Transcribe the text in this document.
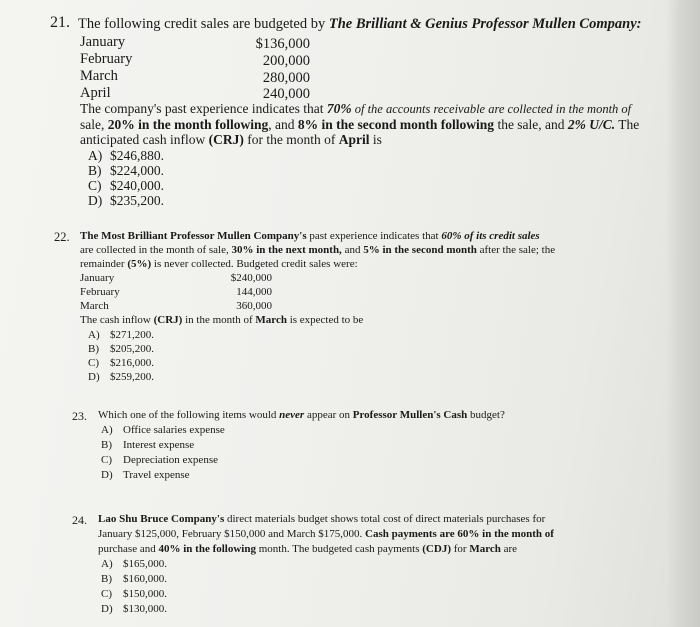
21. The following credit sales are budgeted by The Brilliant & Genius Professor Mullen Company:
January	$136,000
February	200,000
March	280,000
April	240,000
The company's past experience indicates that 70% of the accounts receivable are collected in the month of
sale, 20% in the month following, and 8% in the second month following the sale, and 2% U/C. The
anticipated cash inflow (CRJ) for the month of April is
A) $246,880.
B) $224,000.
C) $240,000.
D) $235,200.
22. The Most Brilliant Professor Mullen Company's past experience indicates that 60% of its credit sales
are collected in the month of sale, 30% in the next month, and 5% in the second month after the sale; the
remainder (5%) is never collected. Budgeted credit sales were:
January	$240,000
February	144,000
March	360,000
The cash inflow (CRJ) in the month of March is expected to be
A) $271,200.
B) $205,200.
C) $216,000.
D) $259,200.
23. Which one of the following items would never appear on Professor Mullen's Cash budget?
A) Office salaries expense
B) Interest expense
C) Depreciation expense
D) Travel expense
24. Lao Shu Bruce Company's direct materials budget shows total cost of direct materials purchases for
January $125,000, February $150,000 and March $175,000. Cash payments are 60% in the month of
purchase and 40% in the following month. The budgeted cash payments (CDJ) for March are
A) $165,000.
B) $160,000.
C) $150,000.
D) $130,000.
